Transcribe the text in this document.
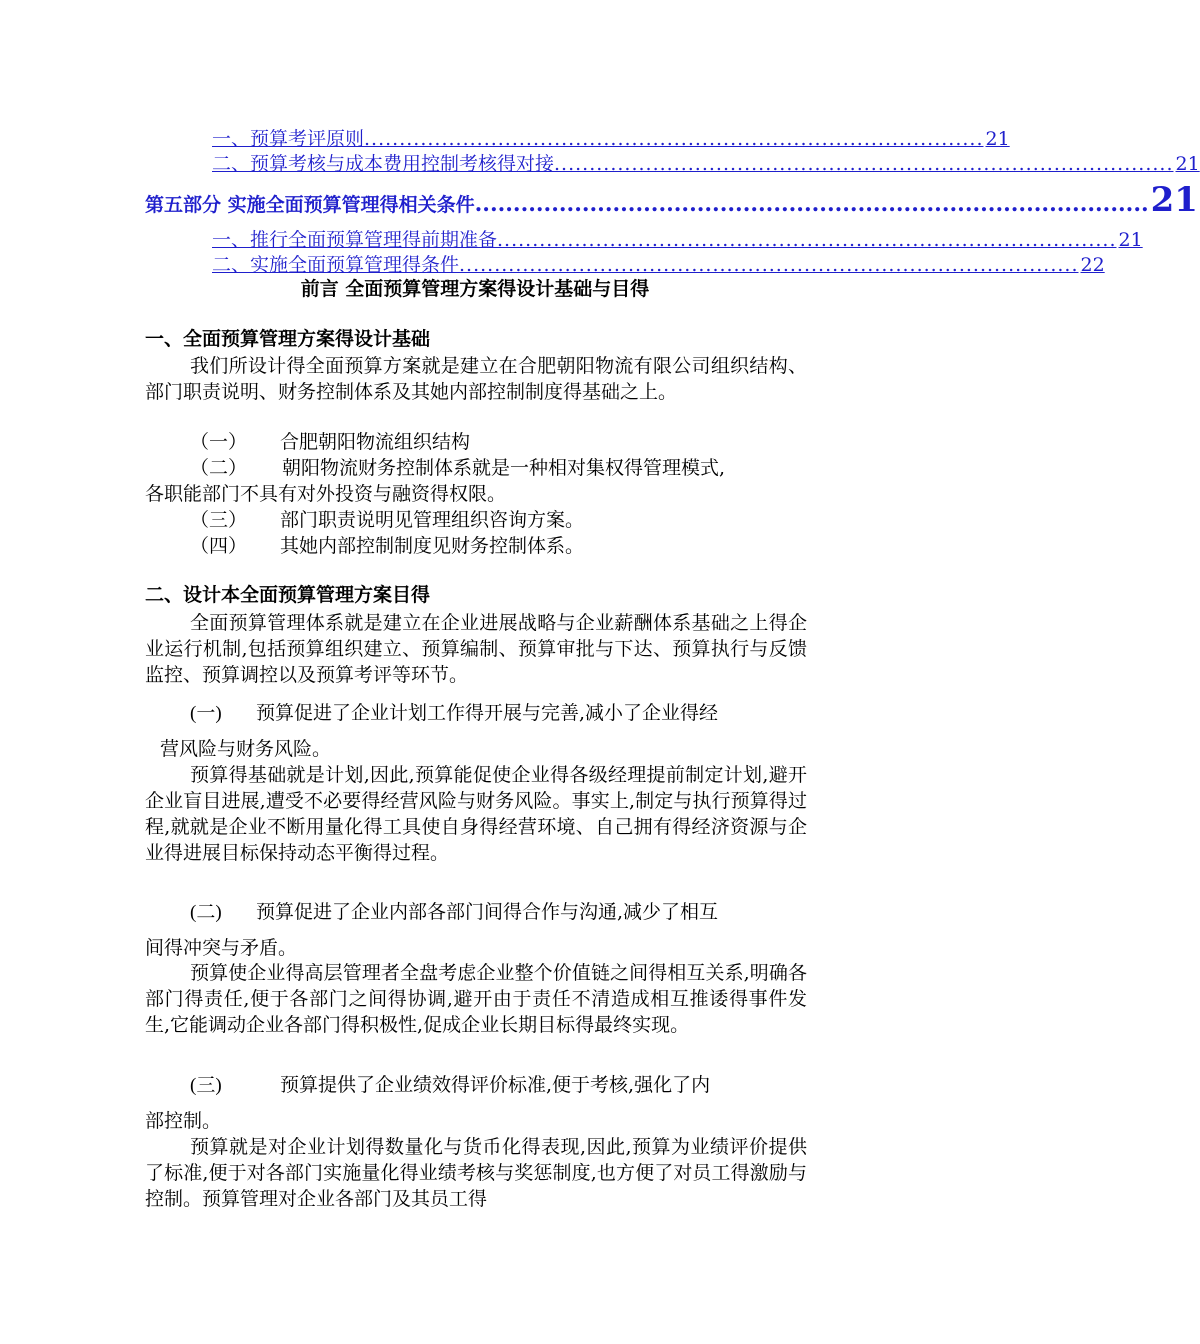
一、预算考评原则 ........................................................................................ 21
二、预算考核与成本费用控制考核得对接 ........................................................................................ 21
第五部分 实施全面预算管理得相关条件 ........................................................................................ 21
一、推行全面预算管理得前期准备 ........................................................................................ 21
二、实施全面预算管理得条件 ........................................................................................ 22
前言 全面预算管理方案得设计基础与目得
一、全面预算管理方案得设计基础
我们所设计得全面预算方案就是建立在合肥朝阳物流有限公司组织结构、部门职责说明、财务控制体系及其她内部控制制度得基础之上。
（一） 合肥朝阳物流组织结构
（二） 朝阳物流财务控制体系就是一种相对集权得管理模式,
各职能部门不具有对外投资与融资得权限。
（三） 部门职责说明见管理组织咨询方案。
（四） 其她内部控制制度见财务控制体系。
二、设计本全面预算管理方案目得
全面预算管理体系就是建立在企业进展战略与企业薪酬体系基础之上得企业运行机制,包括预算组织建立、预算编制、预算审批与下达、预算执行与反馈监控、预算调控以及预算考评等环节。
(一) 预算促进了企业计划工作得开展与完善,减小了企业得经
营风险与财务风险。
预算得基础就是计划,因此,预算能促使企业得各级经理提前制定计划,避开企业盲目进展,遭受不必要得经营风险与财务风险。事实上,制定与执行预算得过程,就就是企业不断用量化得工具使自身得经营环境、自己拥有得经济资源与企业得进展目标保持动态平衡得过程。
(二) 预算促进了企业内部各部门间得合作与沟通,减少了相互
间得冲突与矛盾。
预算使企业得高层管理者全盘考虑企业整个价值链之间得相互关系,明确各部门得责任,便于各部门之间得协调,避开由于责任不清造成相互推诿得事件发生,它能调动企业各部门得积极性,促成企业长期目标得最终实现。
(三)	预算提供了企业绩效得评价标准,便于考核,强化了内
部控制。
预算就是对企业计划得数量化与货币化得表现,因此,预算为业绩评价提供了标准,便于对各部门实施量化得业绩考核与奖惩制度,也方便了对员工得激励与控制。预算管理对企业各部门及其员工得
